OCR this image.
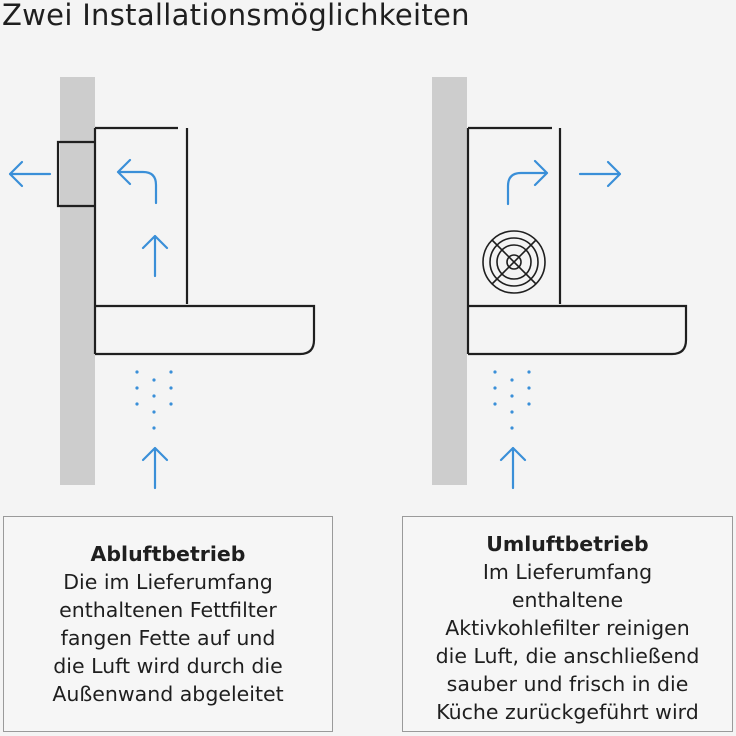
Zwei Installationsmöglichkeiten
Abluftbetrieb
Die im Lieferumfang
enthaltenen Fettfilter
fangen Fette auf und
die Luft wird durch die
Außenwand abgeleitet
Umluftbetrieb
Im Lieferumfang
enthaltene
Aktivkohlefilter reinigen
die Luft, die anschließend
sauber und frisch in die
Küche zurückgeführt wird
